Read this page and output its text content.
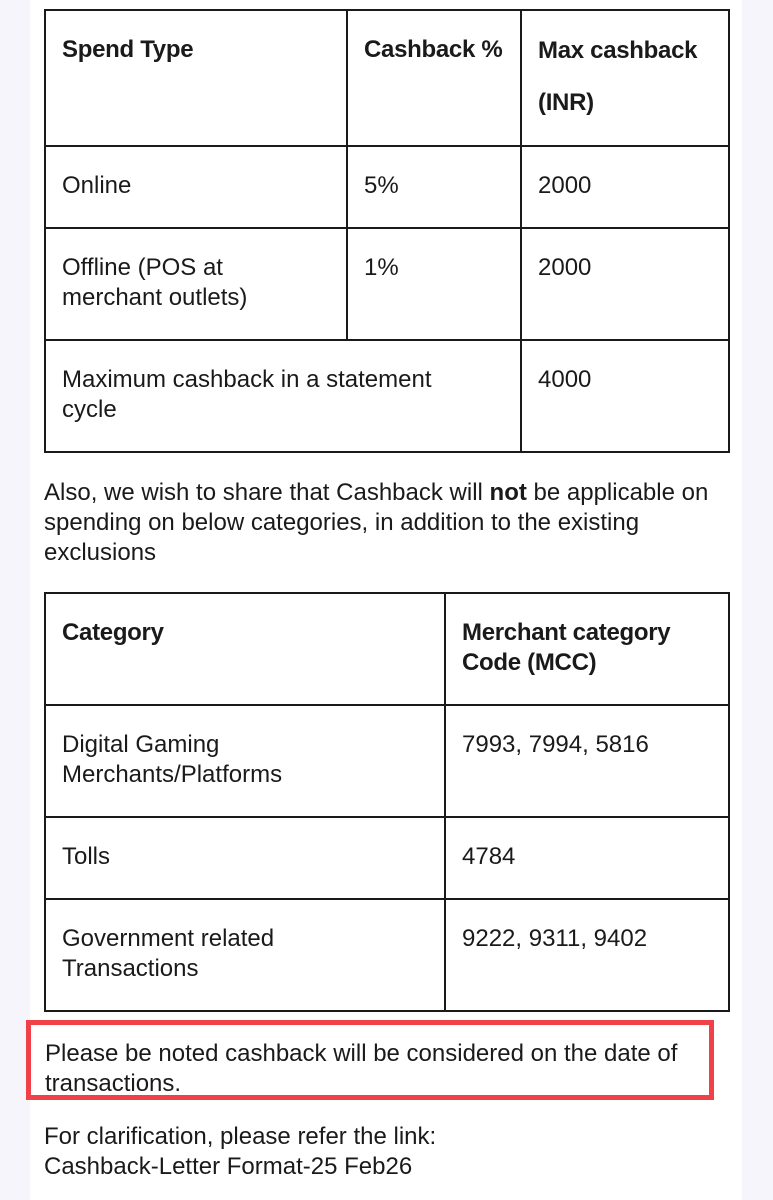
Spend Type	Cashback %	Max cashback (INR)
Online	5%	2000
Offline (POS at merchant outlets)	1%	2000
Maximum cashback in a statement cycle		4000
Also, we wish to share that Cashback will not be applicable on spending on below categories, in addition to the existing exclusions
Category	Merchant category Code (MCC)
Digital Gaming Merchants/Platforms	7993, 7994, 5816
Tolls	4784
Government related Transactions	9222, 9311, 9402
Please be noted cashback will be considered on the date of transactions.
For clarification, please refer the link:
Cashback-Letter Format-25 Feb26
